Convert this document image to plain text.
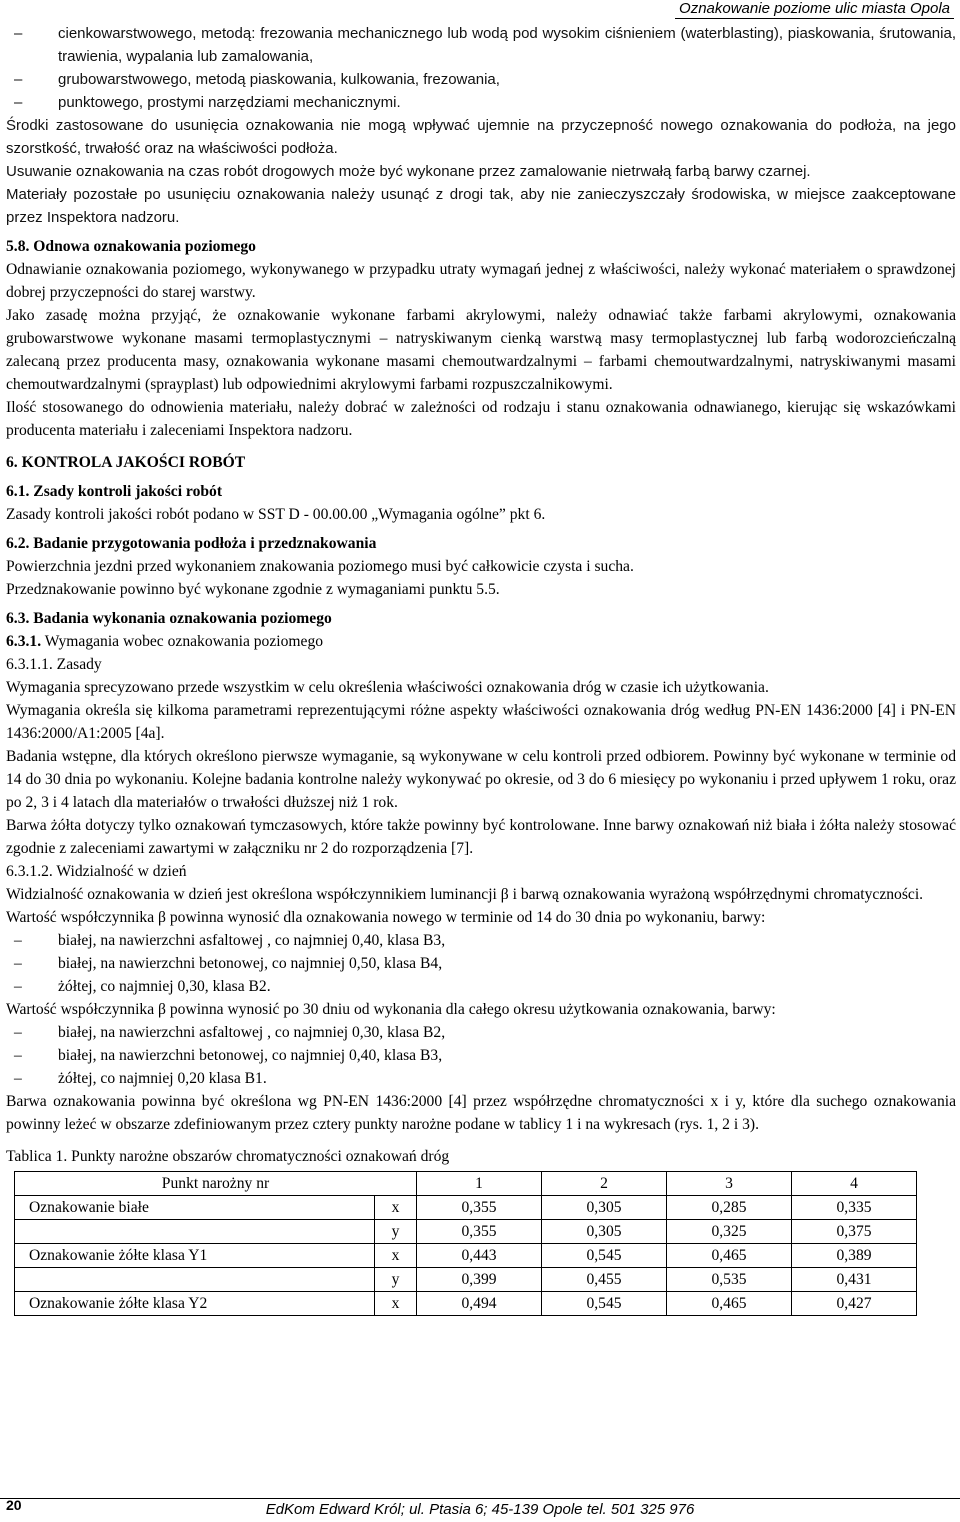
Oznakowanie poziome ulic miasta Opola

– cienkowarstwowego, metodą: frezowania mechanicznego lub wodą pod wysokim ciśnieniem (waterblasting), piaskowania, śrutowania, trawienia, wypalania lub zamalowania,

– grubowarstwowego, metodą piaskowania, kulkowania, frezowania,

– punktowego, prostymi narzędziami mechanicznymi.

Środki zastosowane do usunięcia oznakowania nie mogą wpływać ujemnie na przyczepność nowego oznakowania do podłoża, na jego szorstkość, trwałość oraz na właściwości podłoża.

Usuwanie oznakowania na czas robót drogowych może być wykonane przez zamalowanie nietrwałą farbą barwy czarnej.

Materiały pozostałe po usunięciu oznakowania należy usunąć z drogi tak, aby nie zanieczyszczały środowiska, w miejsce zaakceptowane przez Inspektora nadzoru.

5.8. Odnowa oznakowania poziomego

Odnawianie oznakowania poziomego, wykonywanego w przypadku utraty wymagań jednej z właściwości, należy wykonać materiałem o sprawdzonej dobrej przyczepności do starej warstwy.

Jako zasadę można przyjąć, że oznakowanie wykonane farbami akrylowymi, należy odnawiać także farbami akrylowymi, oznakowania grubowarstwowe wykonane masami termoplastycznymi – natryskiwanym cienką warstwą masy termoplastycznej lub farbą wodorozcieńczalną zalecaną przez producenta masy, oznakowania wykonane masami chemoutwardzalnymi – farbami chemoutwardzalnymi, natryskiwanymi masami chemoutwardzalnymi (sprayplast) lub odpowiednimi akrylowymi farbami rozpuszczalnikowymi.

Ilość stosowanego do odnowienia materiału, należy dobrać w zależności od rodzaju i stanu oznakowania odnawianego, kierując się wskazówkami producenta materiału i zaleceniami Inspektora nadzoru.

6. KONTROLA JAKOŚCI ROBÓT

6.1. Zsady kontroli jakości robót

Zasady kontroli jakości robót podano w SST D - 00.00.00 „Wymagania ogólne” pkt 6.

6.2. Badanie przygotowania podłoża i przedznakowania

Powierzchnia jezdni przed wykonaniem znakowania poziomego musi być całkowicie czysta i sucha.

Przedznakowanie powinno być wykonane zgodnie z wymaganiami punktu 5.5.

6.3. Badania wykonania oznakowania poziomego

6.3.1. Wymagania wobec oznakowania poziomego

6.3.1.1. Zasady

Wymagania sprecyzowano przede wszystkim w celu określenia właściwości oznakowania dróg w czasie ich użytkowania.

Wymagania określa się kilkoma parametrami reprezentującymi różne aspekty właściwości oznakowania dróg według PN-EN 1436:2000 [4] i PN-EN 1436:2000/A1:2005 [4a].

Badania wstępne, dla których określono pierwsze wymaganie, są wykonywane w celu kontroli przed odbiorem. Powinny być wykonane w terminie od 14 do 30 dnia po wykonaniu. Kolejne badania kontrolne należy wykonywać po okresie, od 3 do 6 miesięcy po wykonaniu i przed upływem 1 roku, oraz po 2, 3 i 4 latach dla materiałów o trwałości dłuższej niż 1 rok.

Barwa żółta dotyczy tylko oznakowań tymczasowych, które także powinny być kontrolowane. Inne barwy oznakowań niż biała i żółta należy stosować zgodnie z zaleceniami zawartymi w załączniku nr 2 do rozporządzenia [7].

6.3.1.2. Widzialność w dzień

Widzialność oznakowania w dzień jest określona współczynnikiem luminancji β i barwą oznakowania wyrażoną współrzędnymi chromatyczności.

Wartość współczynnika β powinna wynosić dla oznakowania nowego w terminie od 14 do 30 dnia po wykonaniu, barwy:

– białej, na nawierzchni asfaltowej , co najmniej 0,40, klasa B3,

– białej, na nawierzchni betonowej, co najmniej 0,50, klasa B4,

– żółtej, co najmniej 0,30, klasa B2.

Wartość współczynnika β powinna wynosić po 30 dniu od wykonania dla całego okresu użytkowania oznakowania, barwy:

– białej, na nawierzchni asfaltowej , co najmniej 0,30, klasa B2,

– białej, na nawierzchni betonowej, co najmniej 0,40, klasa B3,

– żółtej, co najmniej 0,20 klasa B1.

Barwa oznakowania powinna być określona wg PN-EN 1436:2000 [4] przez współrzędne chromatyczności x i y, które dla suchego oznakowania powinny leżeć w obszarze zdefiniowanym przez cztery punkty narożne podane w tablicy 1 i na wykresach (rys. 1, 2 i 3).

Tablica 1. Punkty narożne obszarów chromatyczności oznakowań dróg

Punkt narożny nr		1	2	3	4
Oznakowanie białe	x	0,355	0,305	0,285	0,335
	y	0,355	0,305	0,325	0,375
Oznakowanie żółte klasa Y1	x	0,443	0,545	0,465	0,389
	y	0,399	0,455	0,535	0,431
Oznakowanie żółte klasa Y2	x	0,494	0,545	0,465	0,427
20	EdKom Edward Król; ul. Ptasia 6; 45-139 Opole tel. 501 325 976
